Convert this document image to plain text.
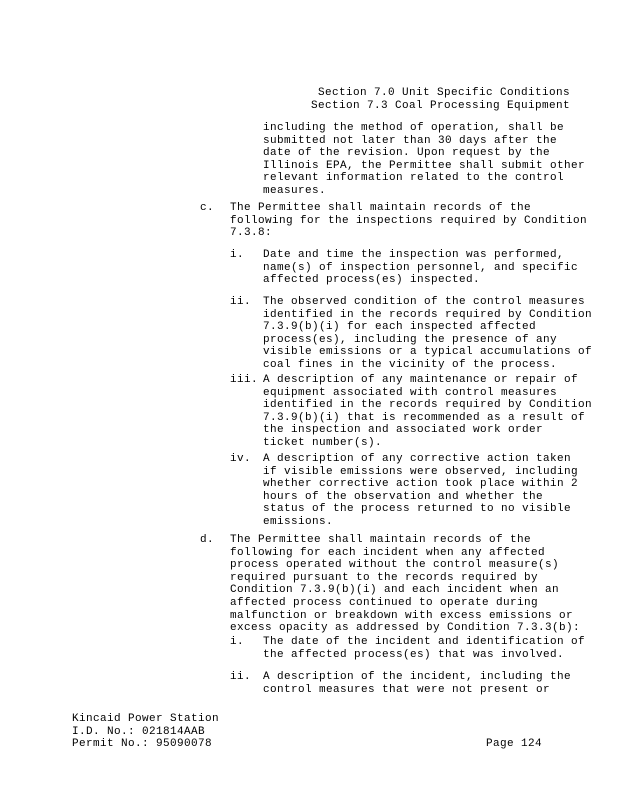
Section 7.0 Unit Specific Conditions
Section 7.3 Coal Processing Equipment
including the method of operation, shall be
submitted not later than 30 days after the
date of the revision. Upon request by the
Illinois EPA, the Permittee shall submit other
relevant information related to the control
measures.
c. The Permittee shall maintain records of the
following for the inspections required by Condition
7.3.8:
i. Date and time the inspection was performed,
name(s) of inspection personnel, and specific
affected process(es) inspected.
ii. The observed condition of the control measures
identified in the records required by Condition
7.3.9(b)(i) for each inspected affected
process(es), including the presence of any
visible emissions or a typical accumulations of
coal fines in the vicinity of the process.
iii. A description of any maintenance or repair of
equipment associated with control measures
identified in the records required by Condition
7.3.9(b)(i) that is recommended as a result of
the inspection and associated work order
ticket number(s).
iv. A description of any corrective action taken
if visible emissions were observed, including
whether corrective action took place within 2
hours of the observation and whether the
status of the process returned to no visible
emissions.
d. The Permittee shall maintain records of the
following for each incident when any affected
process operated without the control measure(s)
required pursuant to the records required by
Condition 7.3.9(b)(i) and each incident when an
affected process continued to operate during
malfunction or breakdown with excess emissions or
excess opacity as addressed by Condition 7.3.3(b):
i. The date of the incident and identification of
the affected process(es) that was involved.
ii. A description of the incident, including the
control measures that were not present or
Kincaid Power Station
I.D. No.: 021814AAB
Permit No.: 95090078	Page 124
